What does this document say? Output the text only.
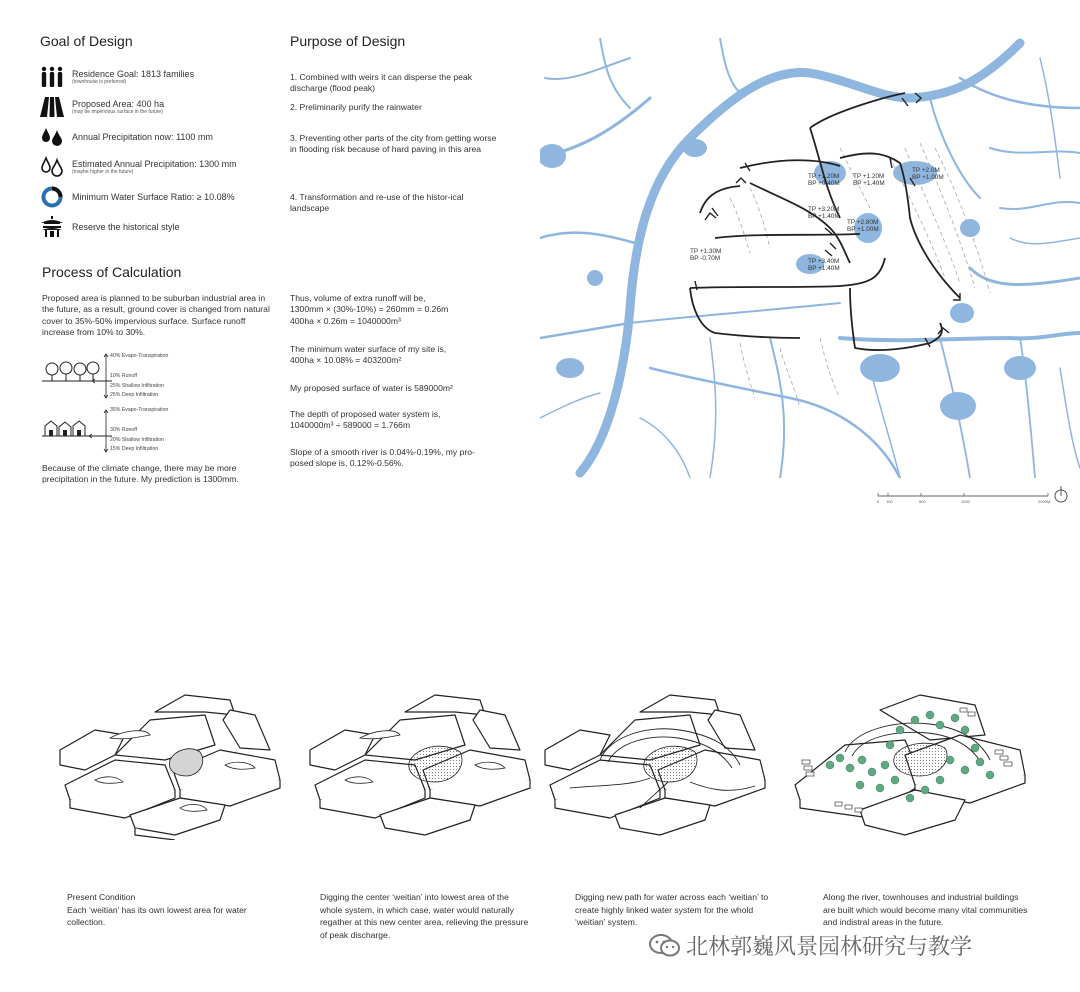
Goal of Design
Residence Goal: 1813 families
(townhouse is preferred)
Proposed Area: 400 ha
(may be impervious surface in the future)
Annual Precipitation now: 1100 mm
Estimated Annual Precipitation: 1300 mm
(maybe higher in the future)
Minimum Water Surface Ratio: ≥ 10.08%
Reserve the historical style
Purpose of Design
1. Combined with weirs it can disperse the peak discharge (flood peak)
2. Preliminarily purify the rainwater
3. Preventing other parts of the city from getting worse in flooding risk because of hard paving in this area
4. Transformation and re-use of the histor-ical landscape
Process of Calculation
Proposed area is planned to be suburban industrial area in the future, as a result, ground cover is changed from natural cover to 35%-50% impervious surface. Surface runoff increase from 10% to 30%.
40% Evapo-Transpiration
10% Runoff
25% Shallow Infiltration
25% Deep Infiltration
35% Evapo-Transpiration
30% Runoff
20% Shallow Infiltration
15% Deep Infiltration
Because of the climate change, there may be more precipitation in the future. My prediction is 1300mm.
Thus, volume of extra runoff will be,
1300mm × (30%-10%) = 260mm = 0.26m
400ha × 0.26m = 1040000m³
The minimum water surface of my site is,
400ha × 10.08% = 403200m²
My proposed surface of water is 589000m²
The depth of proposed water system is,
1040000m³ ÷ 589000 = 1.766m
Slope of a smooth river is 0.04%-0.19%, my pro-
posed slope is, 0.12%-0.56%.
TP +1.20M
BP +0.40M
TP +1.20M
BP +1.40M
TP +2.0M
BP +1.00M
TP +3.20M
BP +1.40M
TP +2.80M
BP +1.00M
TP +1.30M
BP -0.70M	TP +3.40M
BP +1.40M
0 100	500	1000	2000M
Present Condition
Each ‘weitian’ has its own lowest area for water collection.
Digging the center ‘weitian’ into lowest area of the whole system, in which case, water would naturally regather at this new center area, relieving the pressure of peak discharge.
Digging new path for water across each ‘weitian’ to create highly linked water system for the whold ‘weitian’ system.
Along the river, townhouses and industrial buildings are built which would become many vital communities and indistral areas in the future.
北林郭巍风景园林研究与教学
